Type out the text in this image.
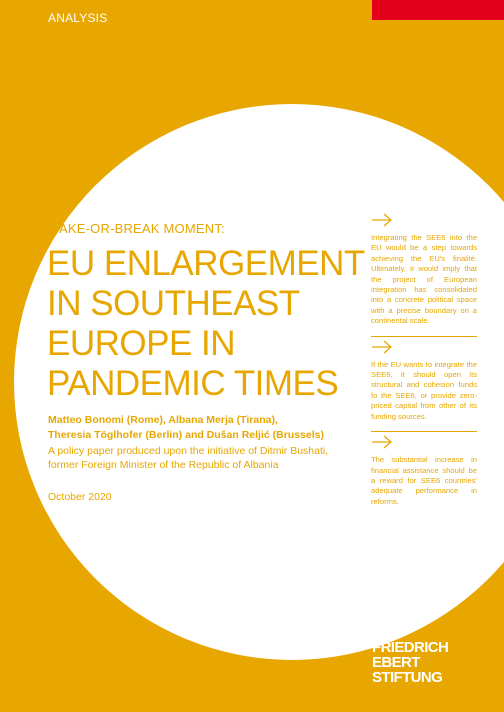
ANALYSIS
MAKE-OR-BREAK MOMENT:
EU ENLARGEMENT
IN SOUTHEAST
EUROPE IN
PANDEMIC TIMES
Matteo Bonomi (Rome), Albana Merja (Tirana),
Theresia Töglhofer (Berlin) and Dušan Reljić (Brussels)
A policy paper produced upon the initiative of Ditmir Bushati,
former Foreign Minister of the Republic of Albania
October 2020
Integrating the SEE6 into the EU would be a step towards achieving the EU's finalité. Ultimately, it would imply that the project of European integration has consolidated into a concrete political space with a precise boundary on a continental scale.
If the EU wants to integrate the SEE6, it should open its structural and cohesion funds fo the SEE6, or provide zero-priced capital from other of its funding sources.
The substantial increase in financial assistance should be a reward for SEE6 countries' adequate performance in reforms.
FRIEDRICH
EBERT
STIFTUNG
